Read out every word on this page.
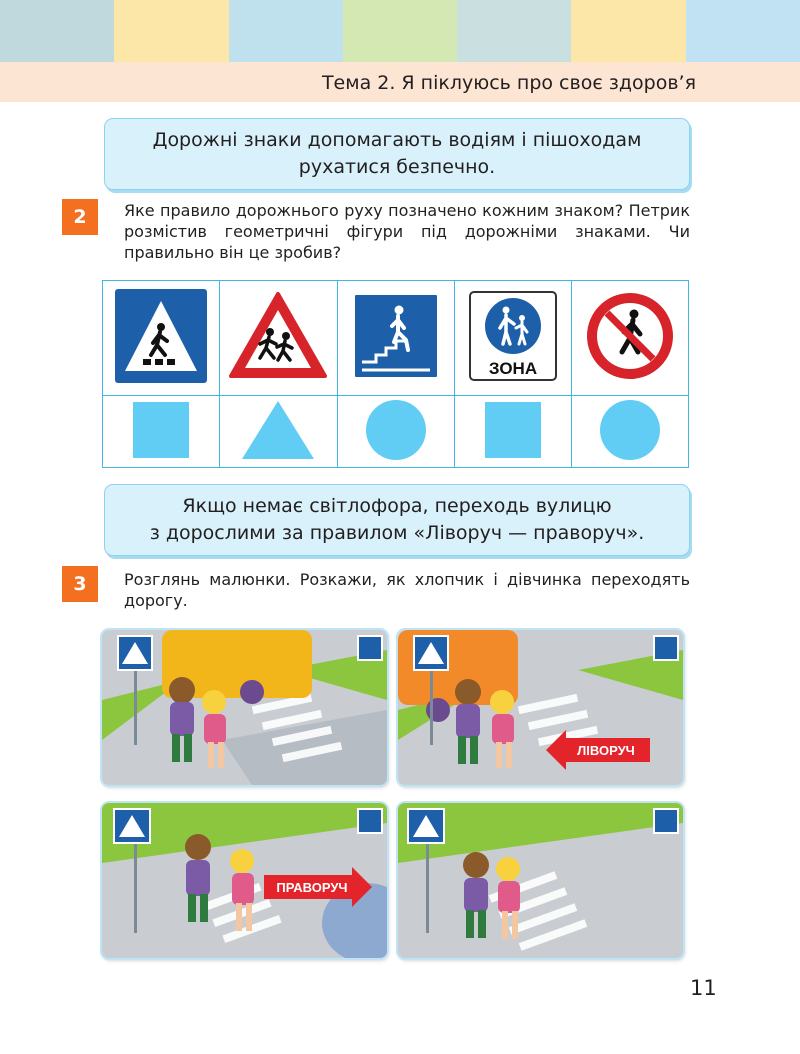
Тема 2. Я піклуюсь про своє здоров’я
Дорожні знаки допомагають водіям і пішоходам
рухатися безпечно.
2	Яке правило дорожнього руху позначено кожним знаком? Петрик розмістив геометричні фігури під дорожніми знаками. Чи правильно він це зробив?

ЗОНА

Якщо немає світлофора, переходь вулицю
з дорослими за правилом «Ліворуч — праворуч».
3	Розглянь малюнки. Розкажи, як хлопчик і дівчинка переходять дорогу.
ЛІВОРУЧ
ПРАВОРУЧ
11
